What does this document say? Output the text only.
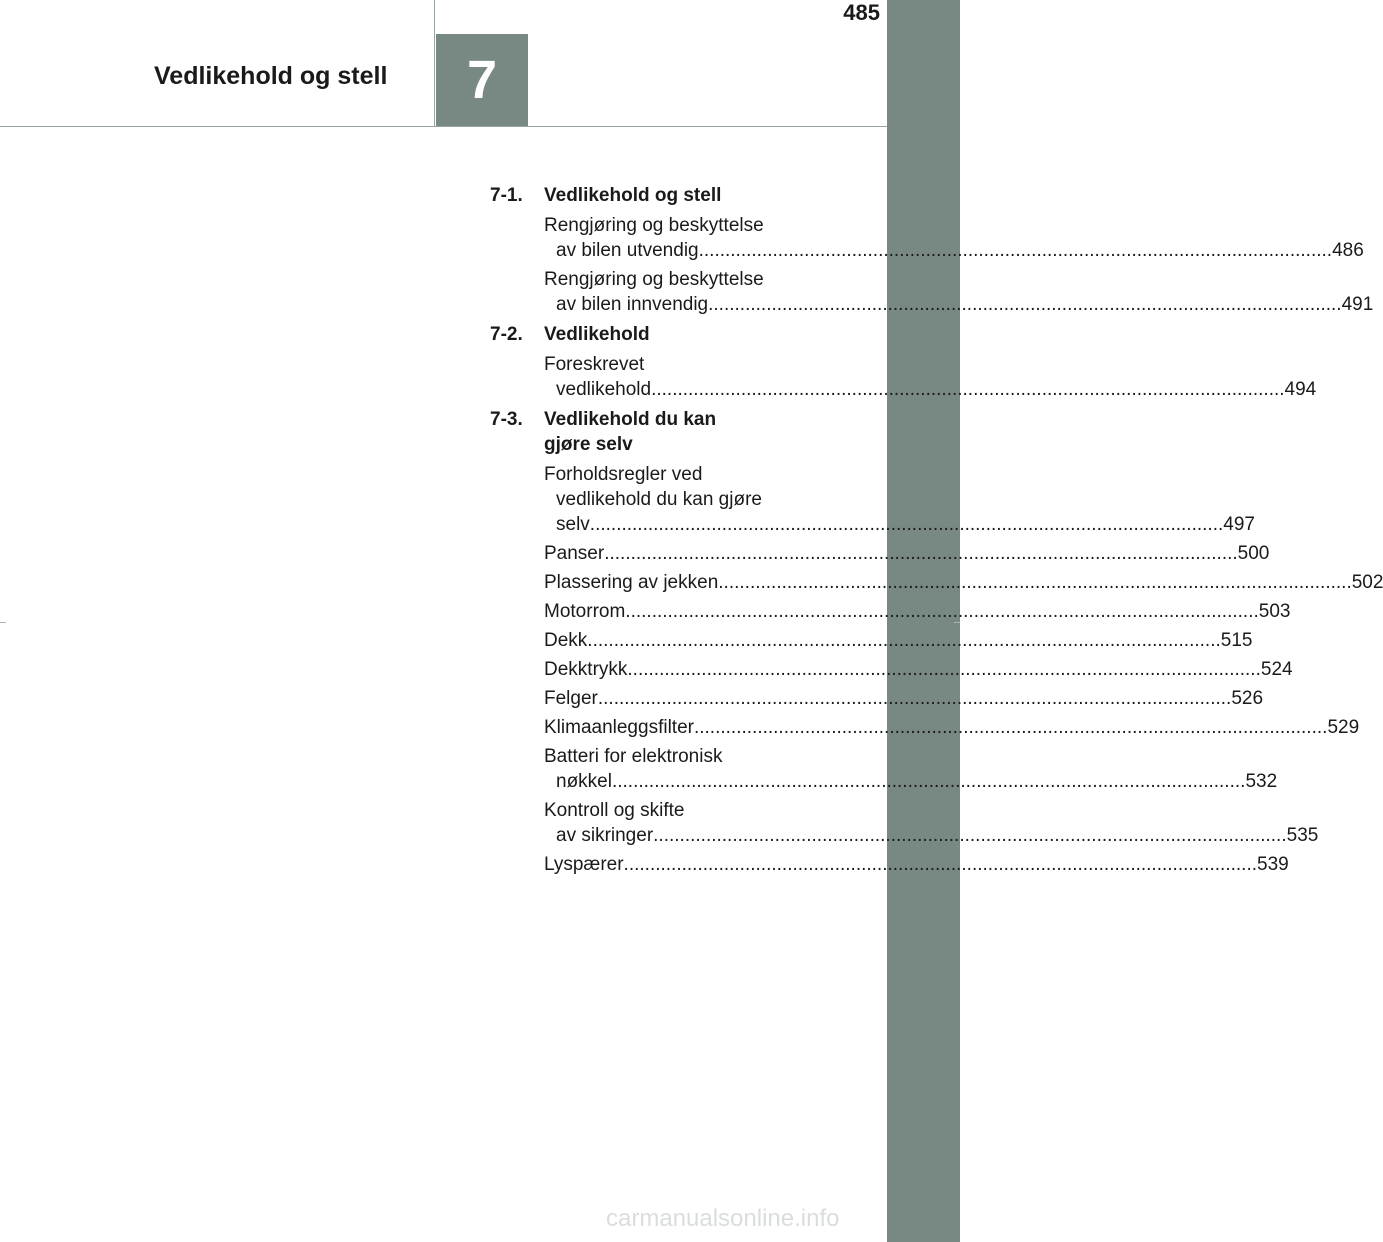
485
Vedlikehold og stell	7
7-1.	Vedlikehold og stell
Rengjøring og beskyttelse
av bilen utvendig ........................................................................................................................ 486
Rengjøring og beskyttelse
av bilen innvendig ........................................................................................................................ 491
7-2.	Vedlikehold
Foreskrevet
vedlikehold ........................................................................................................................ 494
7-3.	Vedlikehold du kan
gjøre selv
Forholdsregler ved
vedlikehold du kan gjøre
selv ........................................................................................................................ 497
Panser ........................................................................................................................ 500
Plassering av jekken ........................................................................................................................ 502
Motorrom ........................................................................................................................ 503
Dekk ........................................................................................................................ 515
Dekktrykk ........................................................................................................................ 524
Felger ........................................................................................................................ 526
Klimaanleggsfilter ........................................................................................................................ 529
Batteri for elektronisk
nøkkel ........................................................................................................................ 532
Kontroll og skifte
av sikringer ........................................................................................................................ 535
Lyspærer ........................................................................................................................ 539
carmanualsonline.info
